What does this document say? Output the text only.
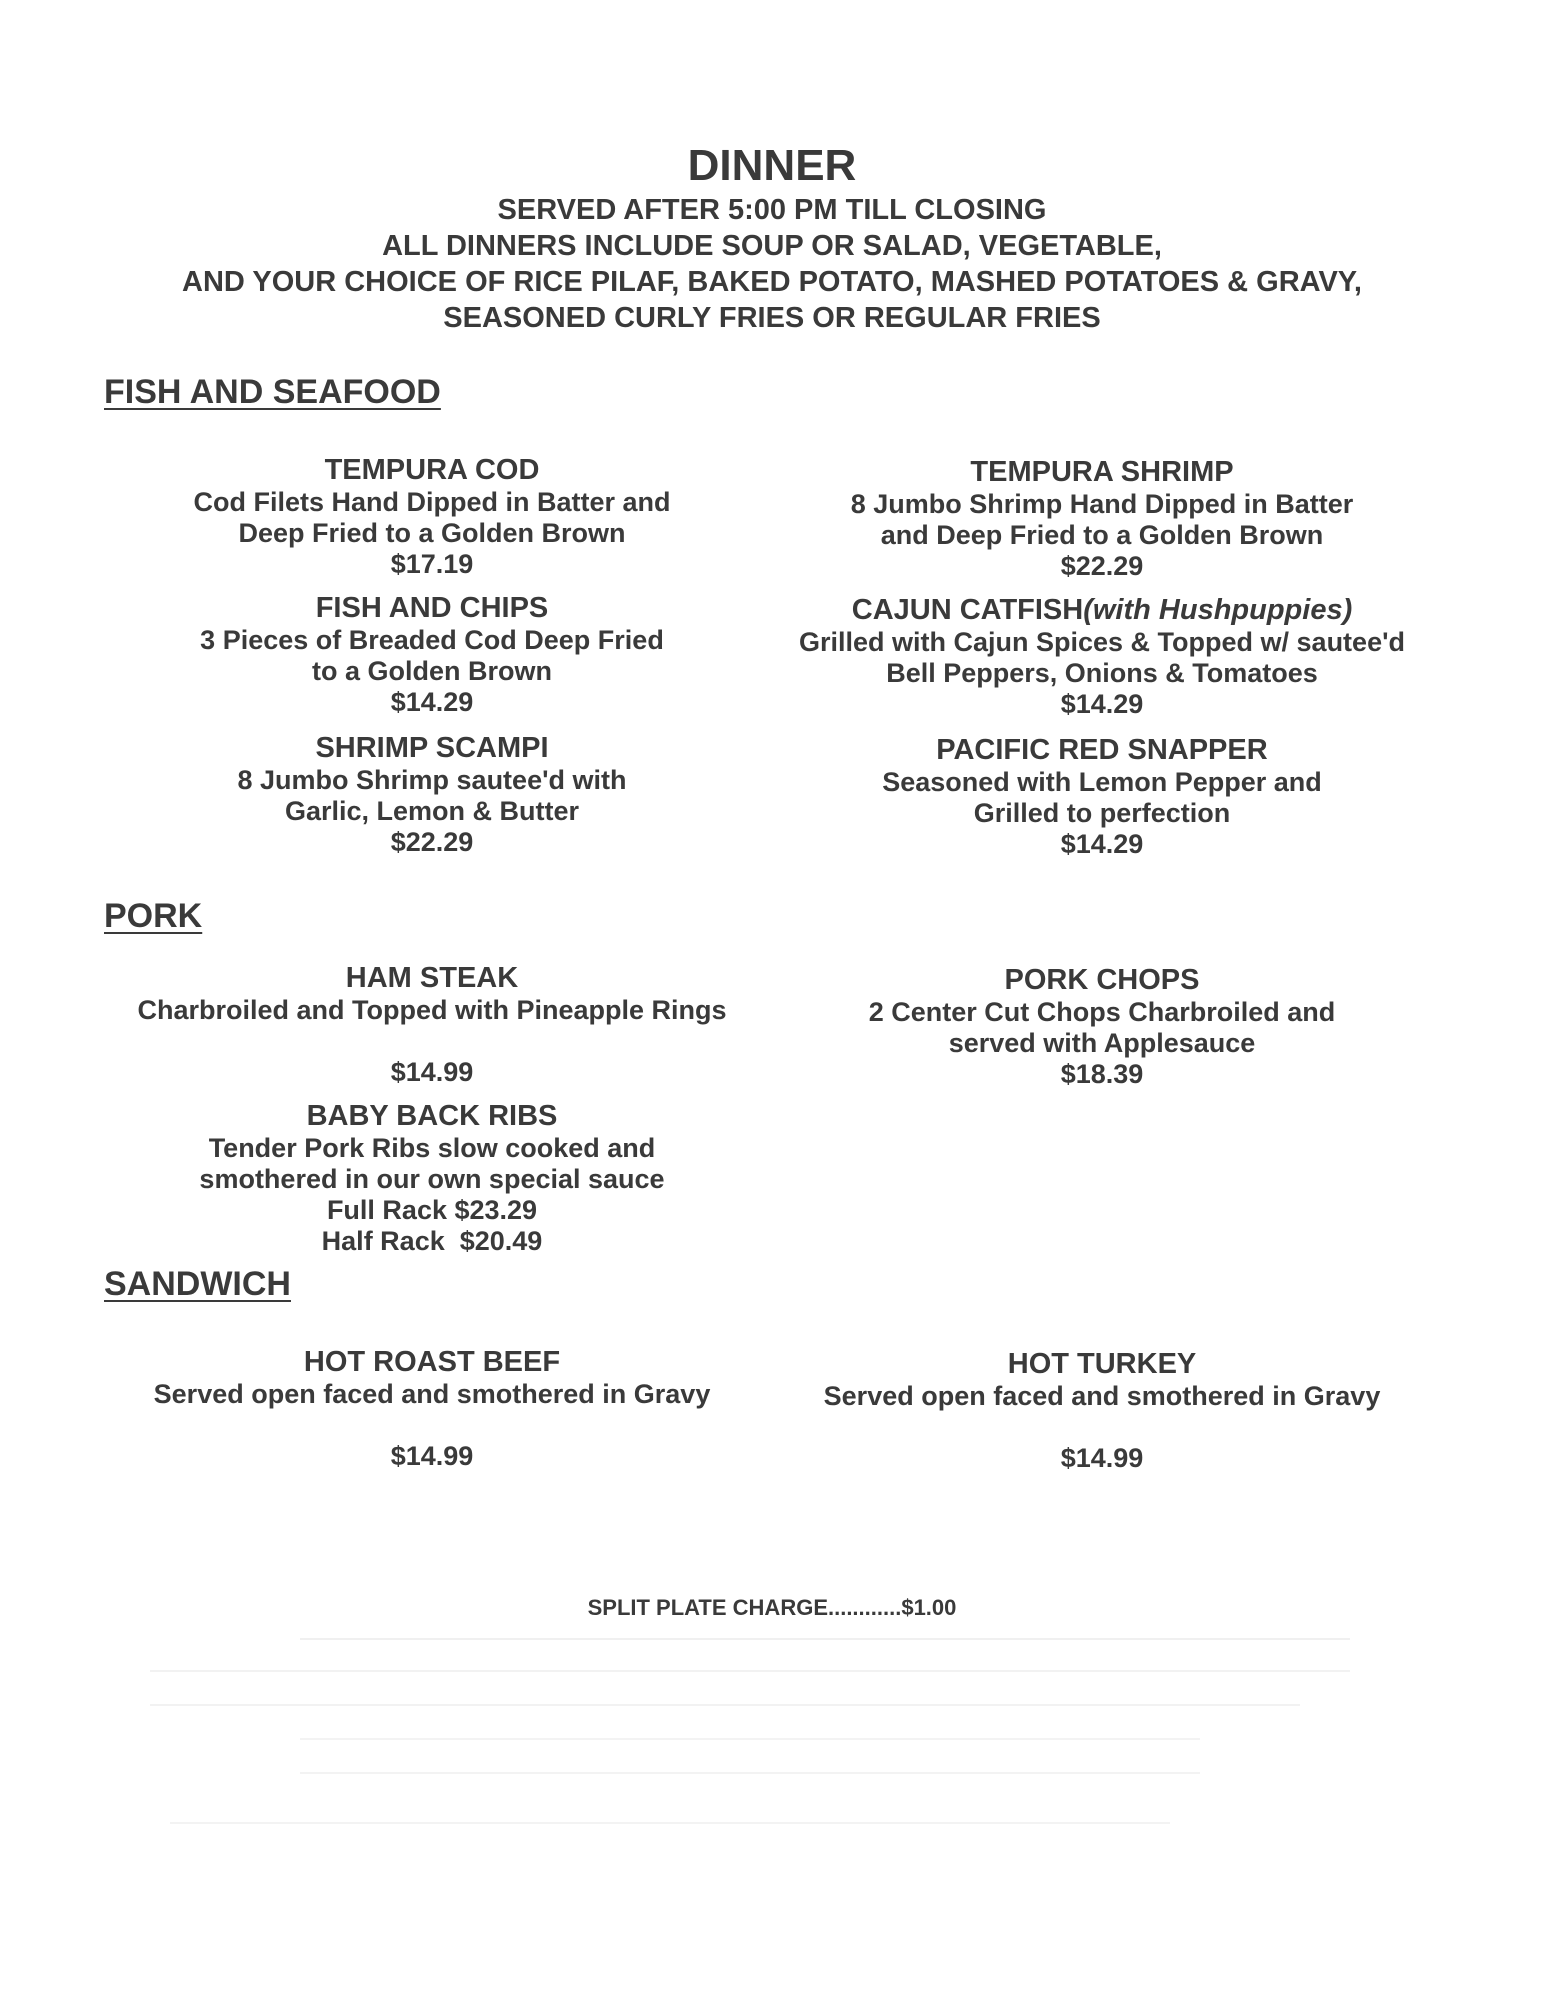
DINNER
SERVED AFTER 5:00 PM TILL CLOSING
ALL DINNERS INCLUDE SOUP OR SALAD, VEGETABLE,
AND YOUR CHOICE OF RICE PILAF, BAKED POTATO, MASHED POTATOES & GRAVY,
SEASONED CURLY FRIES OR REGULAR FRIES
FISH AND SEAFOOD
TEMPURA COD
Cod Filets Hand Dipped in Batter and
Deep Fried to a Golden Brown
$17.19
TEMPURA SHRIMP
8 Jumbo Shrimp Hand Dipped in Batter
and Deep Fried to a Golden Brown
$22.29
FISH AND CHIPS
3 Pieces of Breaded Cod Deep Fried
to a Golden Brown
$14.29
CAJUN CATFISH(with Hushpuppies)
Grilled with Cajun Spices & Topped w/ sautee'd
Bell Peppers, Onions & Tomatoes
$14.29
SHRIMP SCAMPI
8 Jumbo Shrimp sautee'd with
Garlic, Lemon & Butter
$22.29
PACIFIC RED SNAPPER
Seasoned with Lemon Pepper and
Grilled to perfection
$14.29
PORK
HAM STEAK
Charbroiled and Topped with Pineapple Rings
$14.99
PORK CHOPS
2 Center Cut Chops Charbroiled and
served with Applesauce
$18.39
BABY BACK RIBS
Tender Pork Ribs slow cooked and
smothered in our own special sauce
Full Rack $23.29
Half Rack  $20.49
SANDWICH
HOT ROAST BEEF
Served open faced and smothered in Gravy
$14.99
HOT TURKEY
Served open faced and smothered in Gravy
$14.99
SPLIT PLATE CHARGE............$1.00
